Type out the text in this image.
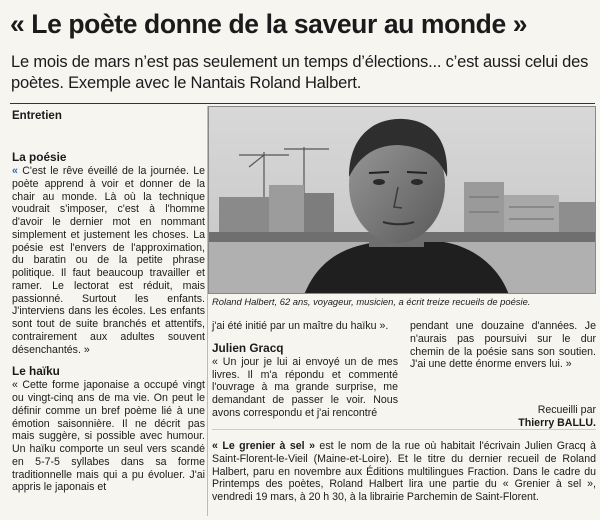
« Le poète donne de la saveur au monde »
Le mois de mars n’est pas seulement un temps d’élections... c’est aussi celui des poètes. Exemple avec le Nantais Roland Halbert.
Entretien
Roland Halbert, 62 ans, voyageur, musicien, a écrit treize recueils de poésie.
La poésie

« C'est le rêve éveillé de la journée. Le poète apprend à voir et donner de la chair au monde. Là où la technique voudrait s'imposer, c'est à l'homme d'avoir le dernier mot en nommant simplement et justement les choses. La poésie est l'envers de l'approximation, du baratin ou de la petite phrase politique. Il faut beaucoup travailler et ramer. Le lectorat est réduit, mais passionné. Surtout les enfants. J'interviens dans les écoles. Les enfants sont tout de suite branchés et attentifs, contrairement aux adultes souvent désenchantés. »

Le haïku

« Cette forme japonaise a occupé vingt ou vingt-cinq ans de ma vie. On peut le définir comme un bref poème lié à une émotion saisonnière. Il ne décrit pas mais suggère, si possible avec humour. Un haïku comporte un seul vers scandé en 5-7-5 syllabes dans sa forme traditionnelle mais qui a pu évoluer. J'ai appris le japonais et

j'ai été initié par un maître du haïku ».

Julien Gracq

« Un jour je lui ai envoyé un de mes livres. Il m'a répondu et commenté l'ouvrage à ma grande surprise, me demandant de passer le voir. Nous avons correspondu et j'ai rencontré

pendant une douzaine d'années. Je n'aurais pas poursuivi sur le dur chemin de la poésie sans son soutien. J'ai une dette énorme envers lui. »

Recueilli par
Thierry BALLU.
« Le grenier à sel » est le nom de la rue où habitait l'écrivain Julien Gracq à Saint-Florent-le-Vieil (Maine-et-Loire). Et le titre du dernier recueil de Roland Halbert, paru en novembre aux Éditions multilingues Fraction. Dans le cadre du Printemps des poètes, Roland Halbert lira une partie du « Grenier à sel », vendredi 19 mars, à 20 h 30, à la librairie Parchemin de Saint-Florent.
